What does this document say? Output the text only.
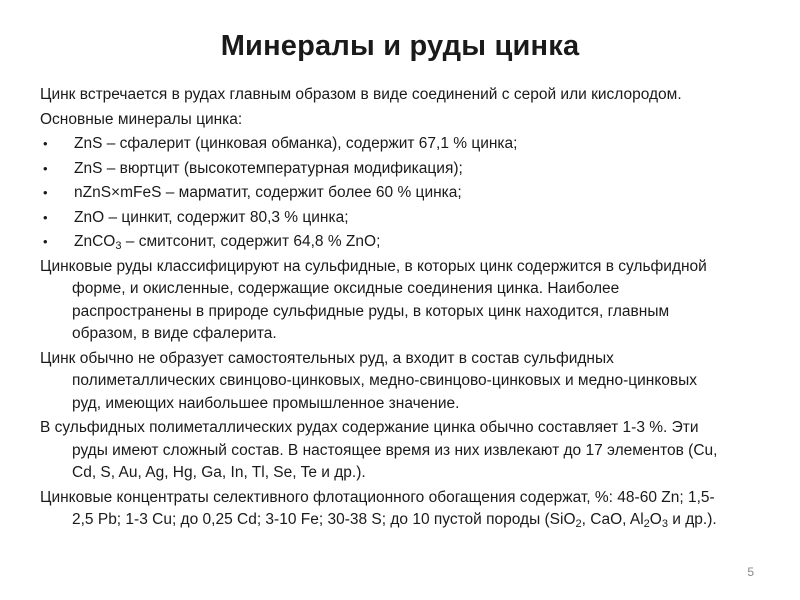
Минералы и руды цинка

Цинк встречается в рудах главным образом в виде соединений с серой или кислородом.

Основные минералы цинка:

• ZnS – сфалерит (цинковая обманка), содержит 67,1 % цинка;
• ZnS – вюртцит (высокотемпературная модификация);
• nZnS×mFeS – марматит, содержит более 60 % цинка;
• ZnO – цинкит, содержит 80,3 % цинка;
• ZnCO$_3$ – смитсонит, содержит 64,8 % ZnO;

Цинковые руды классифицируют на сульфидные, в которых цинк содержится в сульфидной форме, и окисленные, содержащие оксидные соединения цинка. Наиболее распространены в природе сульфидные руды, в которых цинк находится, главным образом, в виде сфалерита.

Цинк обычно не образует самостоятельных руд, а входит в состав сульфидных полиметаллических свинцово-цинковых, медно-свинцово-цинковых и медно-цинковых руд, имеющих наибольшее промышленное значение.

В сульфидных полиметаллических рудах содержание цинка обычно составляет 1-3 %. Эти руды имеют сложный состав. В настоящее время из них извлекают до 17 элементов (Cu, Cd, S, Au, Ag, Hg, Ga, In, Tl, Se, Te и др.).

Цинковые концентраты селективного флотационного обогащения содержат, %: 48-60 Zn; 1,5-2,5 Pb; 1-3 Cu; до 0,25 Cd; 3-10 Fe; 30-38 S; до 10 пустой породы (SiO$_2$, CaO, $Al_2O_3$ и др.).

5
